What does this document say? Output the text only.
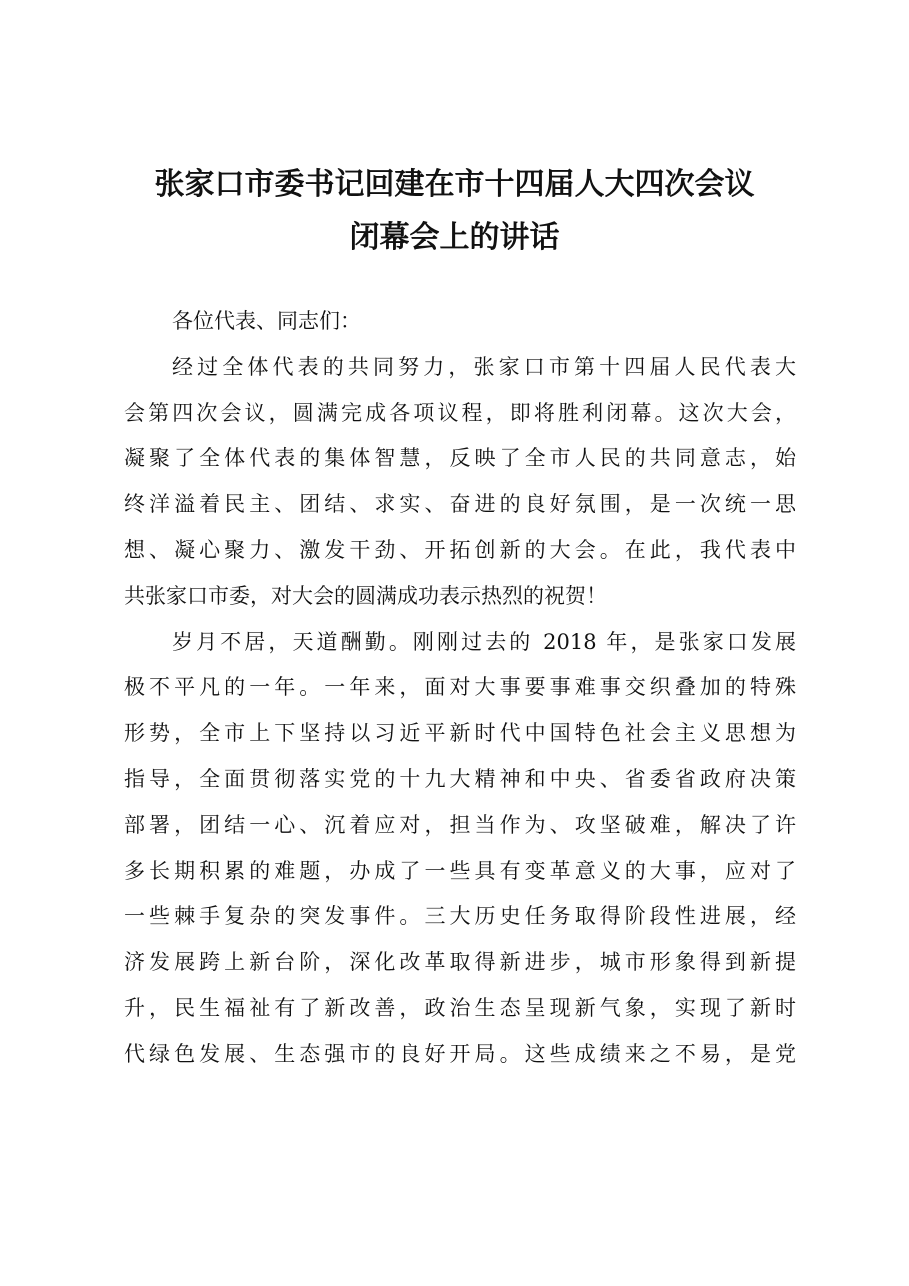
张家口市委书记回建在市十四届人大四次会议
闭幕会上的讲话
各位代表、同志们：
经过全体代表的共同努力，张家口市第十四届人民代表大
会第四次会议，圆满完成各项议程，即将胜利闭幕。这次大会，
凝聚了全体代表的集体智慧，反映了全市人民的共同意志，始
终洋溢着民主、团结、求实、奋进的良好氛围，是一次统一思
想、凝心聚力、激发干劲、开拓创新的大会。在此，我代表中
共张家口市委，对大会的圆满成功表示热烈的祝贺！
岁月不居，天道酬勤。刚刚过去的 2018 年，是张家口发展
极不平凡的一年。一年来，面对大事要事难事交织叠加的特殊
形势，全市上下坚持以习近平新时代中国特色社会主义思想为
指导，全面贯彻落实党的十九大精神和中央、省委省政府决策
部署，团结一心、沉着应对，担当作为、攻坚破难，解决了许
多长期积累的难题，办成了一些具有变革意义的大事，应对了
一些棘手复杂的突发事件。三大历史任务取得阶段性进展，经
济发展跨上新台阶，深化改革取得新进步，城市形象得到新提
升，民生福祉有了新改善，政治生态呈现新气象，实现了新时
代绿色发展、生态强市的良好开局。这些成绩来之不易，是党
